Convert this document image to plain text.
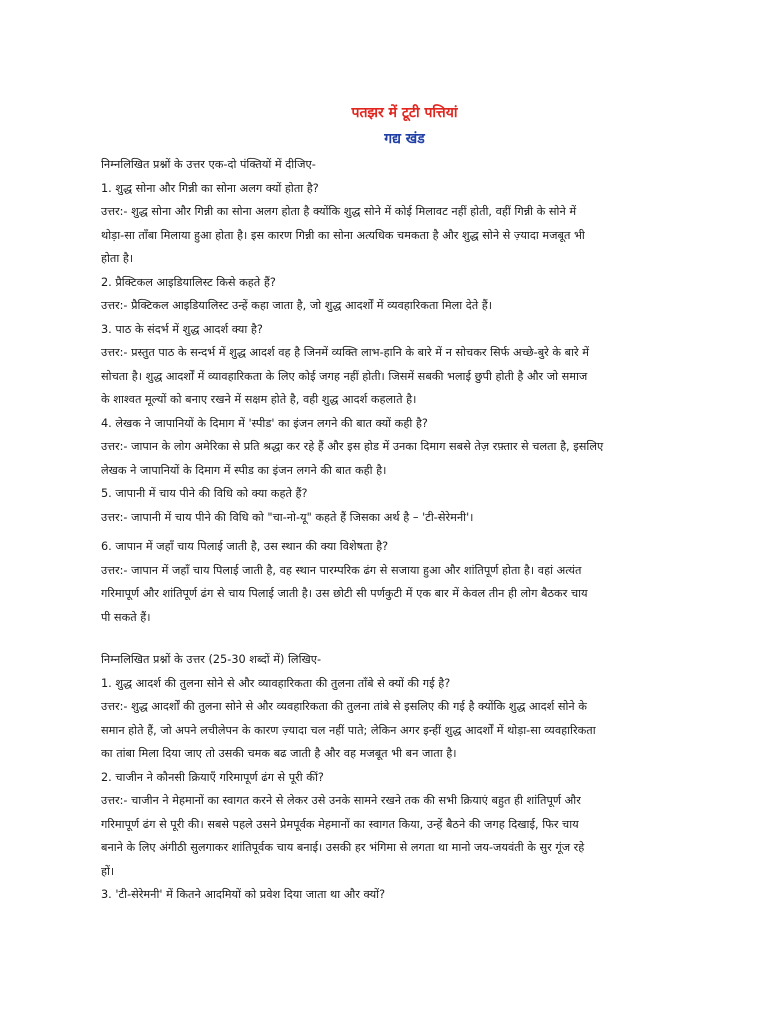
पतझर में टूटी पत्तियां
गद्य खंड

निम्नलिखित प्रश्नों के उत्तर एक-दो पंक्तियों में दीजिए-

1. शुद्ध सोना और गिन्नी का सोना अलग क्यों होता है?

उत्तर:- शुद्ध सोना और गिन्नी का सोना अलग होता है क्योंकि शुद्ध सोने में कोई मिलावट नहीं होती, वहीं गिन्नी के सोने में

थोड़ा-सा ताँबा मिलाया हुआ होता है। इस कारण गिन्नी का सोना अत्यधिक चमकता है और शुद्ध सोने से ज़्यादा मजबूत भी

होता है।

2. प्रैक्टिकल आइडियालिस्ट किसे कहते हैं?

उत्तर:- प्रैक्टिकल आइडियालिस्ट उन्हें कहा जाता है, जो शुद्ध आदर्शों में व्यवहारिकता मिला देते हैं।

3. पाठ के संदर्भ में शुद्ध आदर्श क्या है?

उत्तर:- प्रस्तुत पाठ के सन्दर्भ में शुद्ध आदर्श वह है जिनमें व्यक्ति लाभ-हानि के बारे में न सोचकर सिर्फ अच्छे-बुरे के बारे में

सोचता है। शुद्ध आदर्शों में व्यावहारिकता के लिए कोई जगह नहीं होती। जिसमें सबकी भलाई छुपी होती है और जो समाज

के शाश्वत मूल्यों को बनाए रखने में सक्षम होते है, वही शुद्ध आदर्श कहलाते है।

4. लेखक ने जापानियों के दिमाग में 'स्पीड' का इंजन लगने की बात क्यों कही है?

उत्तर:- जापान के लोग अमेरिका से प्रति श्रद्धा कर रहे हैं और इस होड में उनका दिमाग सबसे तेज़ रफ़्तार से चलता है, इसलिए

लेखक ने जापानियों के दिमाग में स्पीड का इंजन लगने की बात कही है।

5. जापानी में चाय पीने की विधि को क्या कहते हैं?

उत्तर:- जापानी में चाय पीने की विधि को "चा-नो-यू" कहते हैं जिसका अर्थ है – 'टी-सेरेमनी'।

6. जापान में जहाँ चाय पिलाई जाती है, उस स्थान की क्या विशेषता है?

उत्तर:- जापान में जहाँ चाय पिलाई जाती है, वह स्थान पारम्परिक ढंग से सजाया हुआ और शांतिपूर्ण होता है। वहां अत्यंत

गरिमापूर्ण और शांतिपूर्ण ढंग से चाय पिलाई जाती है। उस छोटी सी पर्णकुटी में एक बार में केवल तीन ही लोग बैठकर चाय

पी सकते हैं।

निम्नलिखित प्रश्नों के उत्तर (25-30 शब्दों में) लिखिए-

1. शुद्ध आदर्श की तुलना सोने से और व्यावहारिकता की तुलना ताँबे से क्यों की गई है?

उत्तर:- शुद्ध आदर्शों की तुलना सोने से और व्यवहारिकता की तुलना तांबे से इसलिए की गई है क्योंकि शुद्ध आदर्श सोने के

समान होते हैं, जो अपने लचीलेपन के कारण ज़्यादा चल नहीं पाते; लेकिन अगर इन्हीं शुद्ध आदर्शों में थोड़ा-सा व्यवहारिकता

का तांबा मिला दिया जाए तो उसकी चमक बढ जाती है और वह मजबूत भी बन जाता है।

2. चाजीन ने कौनसी क्रियाएँ गरिमापूर्ण ढंग से पूरी कीं?

उत्तर:- चाजीन ने मेहमानों का स्वागत करने से लेकर उसे उनके सामने रखने तक की सभी क्रियाएं बहुत ही शांतिपूर्ण और

गरिमापूर्ण ढंग से पूरी की। सबसे पहले उसने प्रेमपूर्वक मेहमानों का स्वागत किया, उन्हें बैठने की जगह दिखाई, फिर चाय

बनाने के लिए अंगीठी सुलगाकर शांतिपूर्वक चाय बनाई। उसकी हर भंगिमा से लगता था मानो जय-जयवंती के सुर गूंज रहे

हों।

3. 'टी-सेरेमनी' में कितने आदमियों को प्रवेश दिया जाता था और क्यों?
